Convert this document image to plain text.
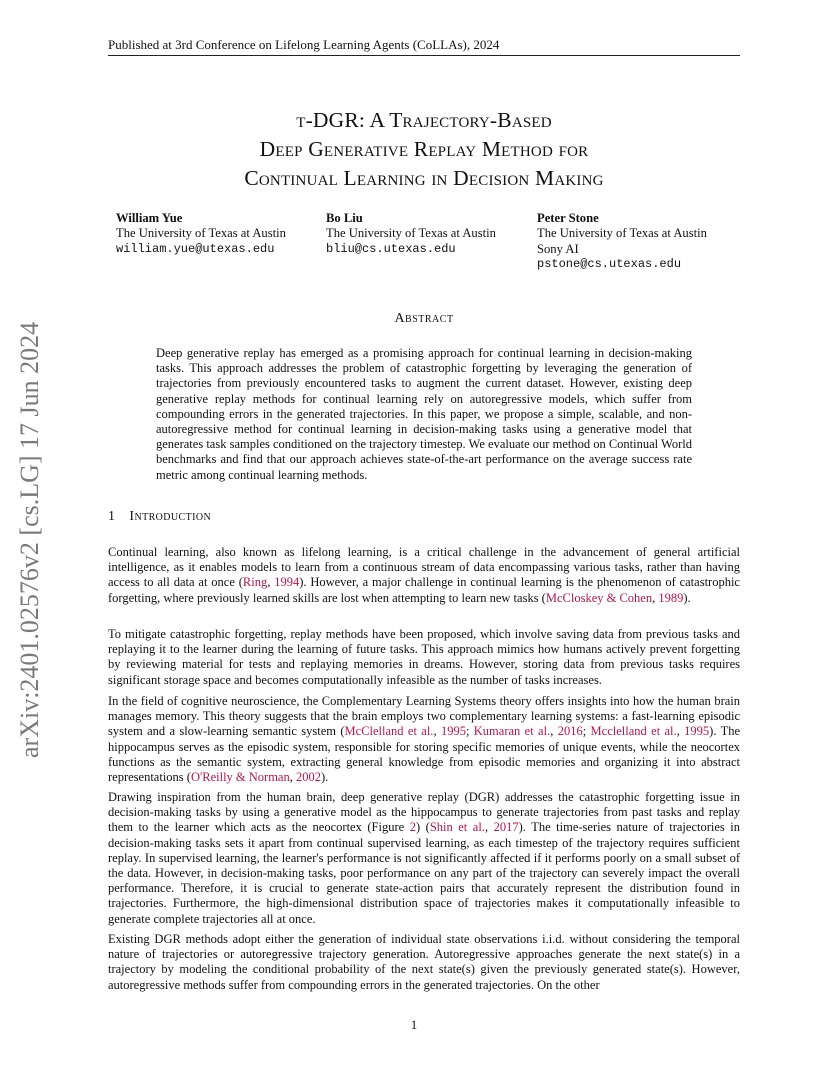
Published at 3rd Conference on Lifelong Learning Agents (CoLLAs), 2024
t-DGR: A Trajectory-Based
Deep Generative Replay Method for
Continual Learning in Decision Making
William Yue
The University of Texas at Austin
william.yue@utexas.edu
Bo Liu
The University of Texas at Austin
bliu@cs.utexas.edu
Peter Stone
The University of Texas at Austin
Sony AI
pstone@cs.utexas.edu
Abstract

Deep generative replay has emerged as a promising approach for continual learning in decision-making tasks. This approach addresses the problem of catastrophic forgetting by leveraging the generation of trajectories from previously encountered tasks to augment the current dataset. However, existing deep generative replay methods for continual learning rely on autoregressive models, which suffer from compounding errors in the generated trajectories. In this paper, we propose a simple, scalable, and non-autoregressive method for continual learning in decision-making tasks using a generative model that generates task samples conditioned on the trajectory timestep. We evaluate our method on Continual World benchmarks and find that our approach achieves state-of-the-art performance on the average success rate metric among continual learning methods.

1 Introduction

Continual learning, also known as lifelong learning, is a critical challenge in the advancement of general artificial intelligence, as it enables models to learn from a continuous stream of data encompassing various tasks, rather than having access to all data at once (Ring, 1994). However, a major challenge in continual learning is the phenomenon of catastrophic forgetting, where previously learned skills are lost when attempting to learn new tasks (McCloskey & Cohen, 1989).

To mitigate catastrophic forgetting, replay methods have been proposed, which involve saving data from previous tasks and replaying it to the learner during the learning of future tasks. This approach mimics how humans actively prevent forgetting by reviewing material for tests and replaying memories in dreams. However, storing data from previous tasks requires significant storage space and becomes computationally infeasible as the number of tasks increases.

In the field of cognitive neuroscience, the Complementary Learning Systems theory offers insights into how the human brain manages memory. This theory suggests that the brain employs two complementary learning systems: a fast-learning episodic system and a slow-learning semantic system (McClelland et al., 1995; Kumaran et al., 2016; Mcclelland et al., 1995). The hippocampus serves as the episodic system, responsible for storing specific memories of unique events, while the neocortex functions as the semantic system, extracting general knowledge from episodic memories and organizing it into abstract representations (O'Reilly & Norman, 2002).

Drawing inspiration from the human brain, deep generative replay (DGR) addresses the catastrophic forgetting issue in decision-making tasks by using a generative model as the hippocampus to generate trajectories from past tasks and replay them to the learner which acts as the neocortex (Figure 2) (Shin et al., 2017). The time-series nature of trajectories in decision-making tasks sets it apart from continual supervised learning, as each timestep of the trajectory requires sufficient replay. In supervised learning, the learner's performance is not significantly affected if it performs poorly on a small subset of the data. However, in decision-making tasks, poor performance on any part of the trajectory can severely impact the overall performance. Therefore, it is crucial to generate state-action pairs that accurately represent the distribution found in trajectories. Furthermore, the high-dimensional distribution space of trajectories makes it computationally infeasible to generate complete trajectories all at once.

Existing DGR methods adopt either the generation of individual state observations i.i.d. without considering the temporal nature of trajectories or autoregressive trajectory generation. Autoregressive approaches generate the next state(s) in a trajectory by modeling the conditional probability of the next state(s) given the previously generated state(s). However, autoregressive methods suffer from compounding errors in the generated trajectories. On the other

arXiv:2401.02576v2 [cs.LG] 17 Jun 2024
1
